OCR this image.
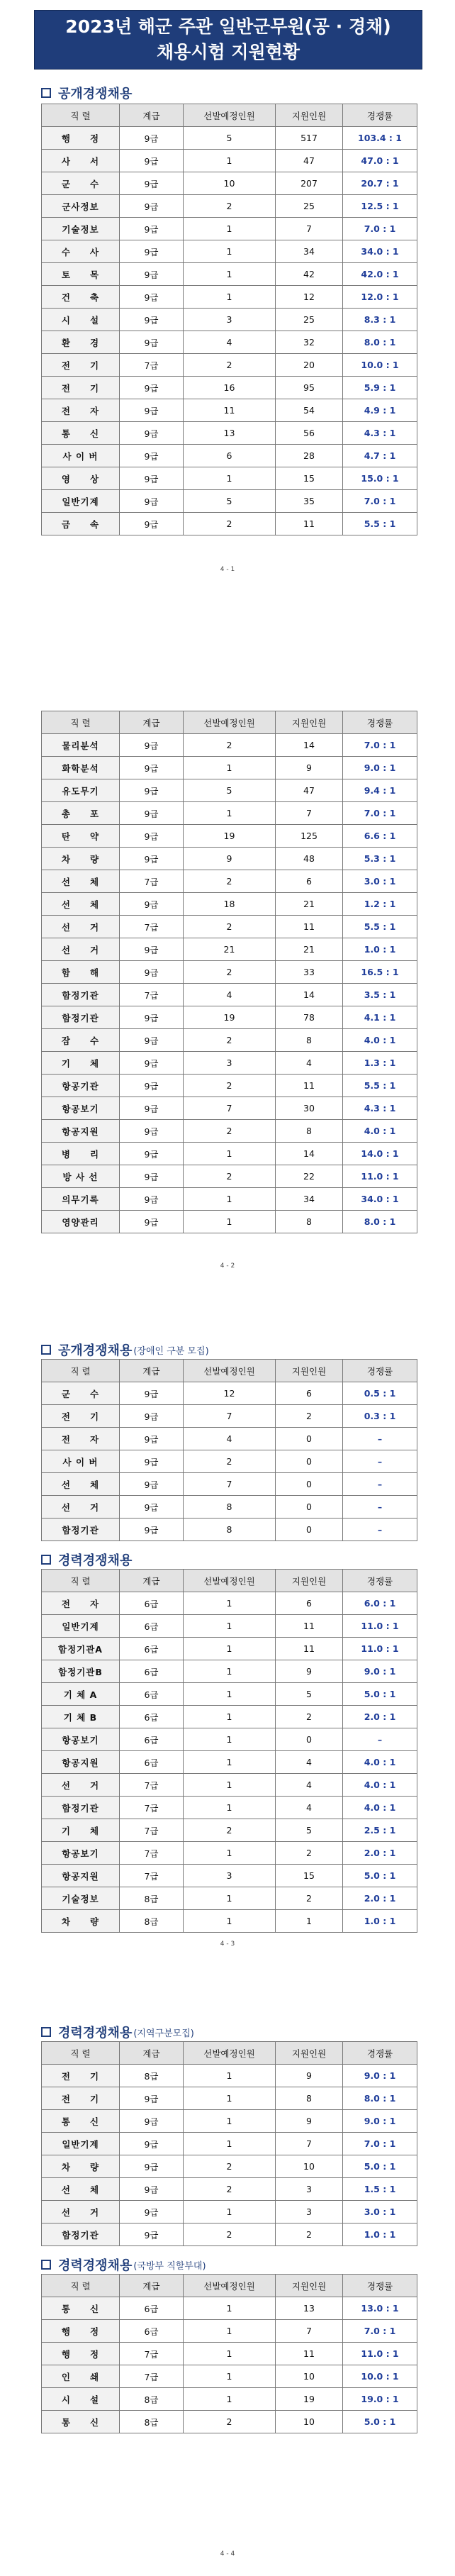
2023년 해군 주관 일반군무원(공 · 경채)
채용시험 지원현황
공개경쟁채용
직 렬	계급	선발예정인원	지원인원	경쟁률
행　　정	9급	5	517	103.4 : 1
사　　서	9급	1	47	47.0 : 1
군　　수	9급	10	207	20.7 : 1
군사정보	9급	2	25	12.5 : 1
기술정보	9급	1	7	7.0 : 1
수　　사	9급	1	34	34.0 : 1
토　　목	9급	1	42	42.0 : 1
건　　축	9급	1	12	12.0 : 1
시　　설	9급	3	25	8.3 : 1
환　　경	9급	4	32	8.0 : 1
전　　기	7급	2	20	10.0 : 1
전　　기	9급	16	95	5.9 : 1
전　　자	9급	11	54	4.9 : 1
통　　신	9급	13	56	4.3 : 1
사 이 버	9급	6	28	4.7 : 1
영　　상	9급	1	15	15.0 : 1
일반기계	9급	5	35	7.0 : 1
금　　속	9급	2	11	5.5 : 1
4 - 1
직 렬	계급	선발예정인원	지원인원	경쟁률
물리분석	9급	2	14	7.0 : 1
화학분석	9급	1	9	9.0 : 1
유도무기	9급	5	47	9.4 : 1
총　　포	9급	1	7	7.0 : 1
탄　　약	9급	19	125	6.6 : 1
차　　량	9급	9	48	5.3 : 1
선　　체	7급	2	6	3.0 : 1
선　　체	9급	18	21	1.2 : 1
선　　거	7급	2	11	5.5 : 1
선　　거	9급	21	21	1.0 : 1
함　　해	9급	2	33	16.5 : 1
함정기관	7급	4	14	3.5 : 1
함정기관	9급	19	78	4.1 : 1
잠　　수	9급	2	8	4.0 : 1
기　　체	9급	3	4	1.3 : 1
항공기관	9급	2	11	5.5 : 1
항공보기	9급	7	30	4.3 : 1
항공지원	9급	2	8	4.0 : 1
병　　리	9급	1	14	14.0 : 1
방 사 선	9급	2	22	11.0 : 1
의무기록	9급	1	34	34.0 : 1
영양관리	9급	1	8	8.0 : 1
4 - 2
공개경쟁채용 (장애인 구분 모집)
직 렬	계급	선발예정인원	지원인원	경쟁률
군　　수	9급	12	6	0.5 : 1
전　　기	9급	7	2	0.3 : 1
전　　자	9급	4	0	–
사 이 버	9급	2	0	–
선　　체	9급	7	0	–
선　　거	9급	8	0	–
함정기관	9급	8	0	–
경력경쟁채용
직 렬	계급	선발예정인원	지원인원	경쟁률
전　　자	6급	1	6	6.0 : 1
일반기계	6급	1	11	11.0 : 1
함정기관A	6급	1	11	11.0 : 1
함정기관B	6급	1	9	9.0 : 1
기 체 A	6급	1	5	5.0 : 1
기 체 B	6급	1	2	2.0 : 1
항공보기	6급	1	0	–
항공지원	6급	1	4	4.0 : 1
선　　거	7급	1	4	4.0 : 1
함정기관	7급	1	4	4.0 : 1
기　　체	7급	2	5	2.5 : 1
항공보기	7급	1	2	2.0 : 1
항공지원	7급	3	15	5.0 : 1
기술정보	8급	1	2	2.0 : 1
차　　량	8급	1	1	1.0 : 1
4 - 3
경력경쟁채용 (지역구분모집)
직 렬	계급	선발예정인원	지원인원	경쟁률
전　　기	8급	1	9	9.0 : 1
전　　기	9급	1	8	8.0 : 1
통　　신	9급	1	9	9.0 : 1
일반기계	9급	1	7	7.0 : 1
차　　량	9급	2	10	5.0 : 1
선　　체	9급	2	3	1.5 : 1
선　　거	9급	1	3	3.0 : 1
함정기관	9급	2	2	1.0 : 1
경력경쟁채용 (국방부 직할부대)
직 렬	계급	선발예정인원	지원인원	경쟁률
통　　신	6급	1	13	13.0 : 1
행　　정	6급	1	7	7.0 : 1
행　　정	7급	1	11	11.0 : 1
인　　쇄	7급	1	10	10.0 : 1
시　　설	8급	1	19	19.0 : 1
통　　신	8급	2	10	5.0 : 1
4 - 4
